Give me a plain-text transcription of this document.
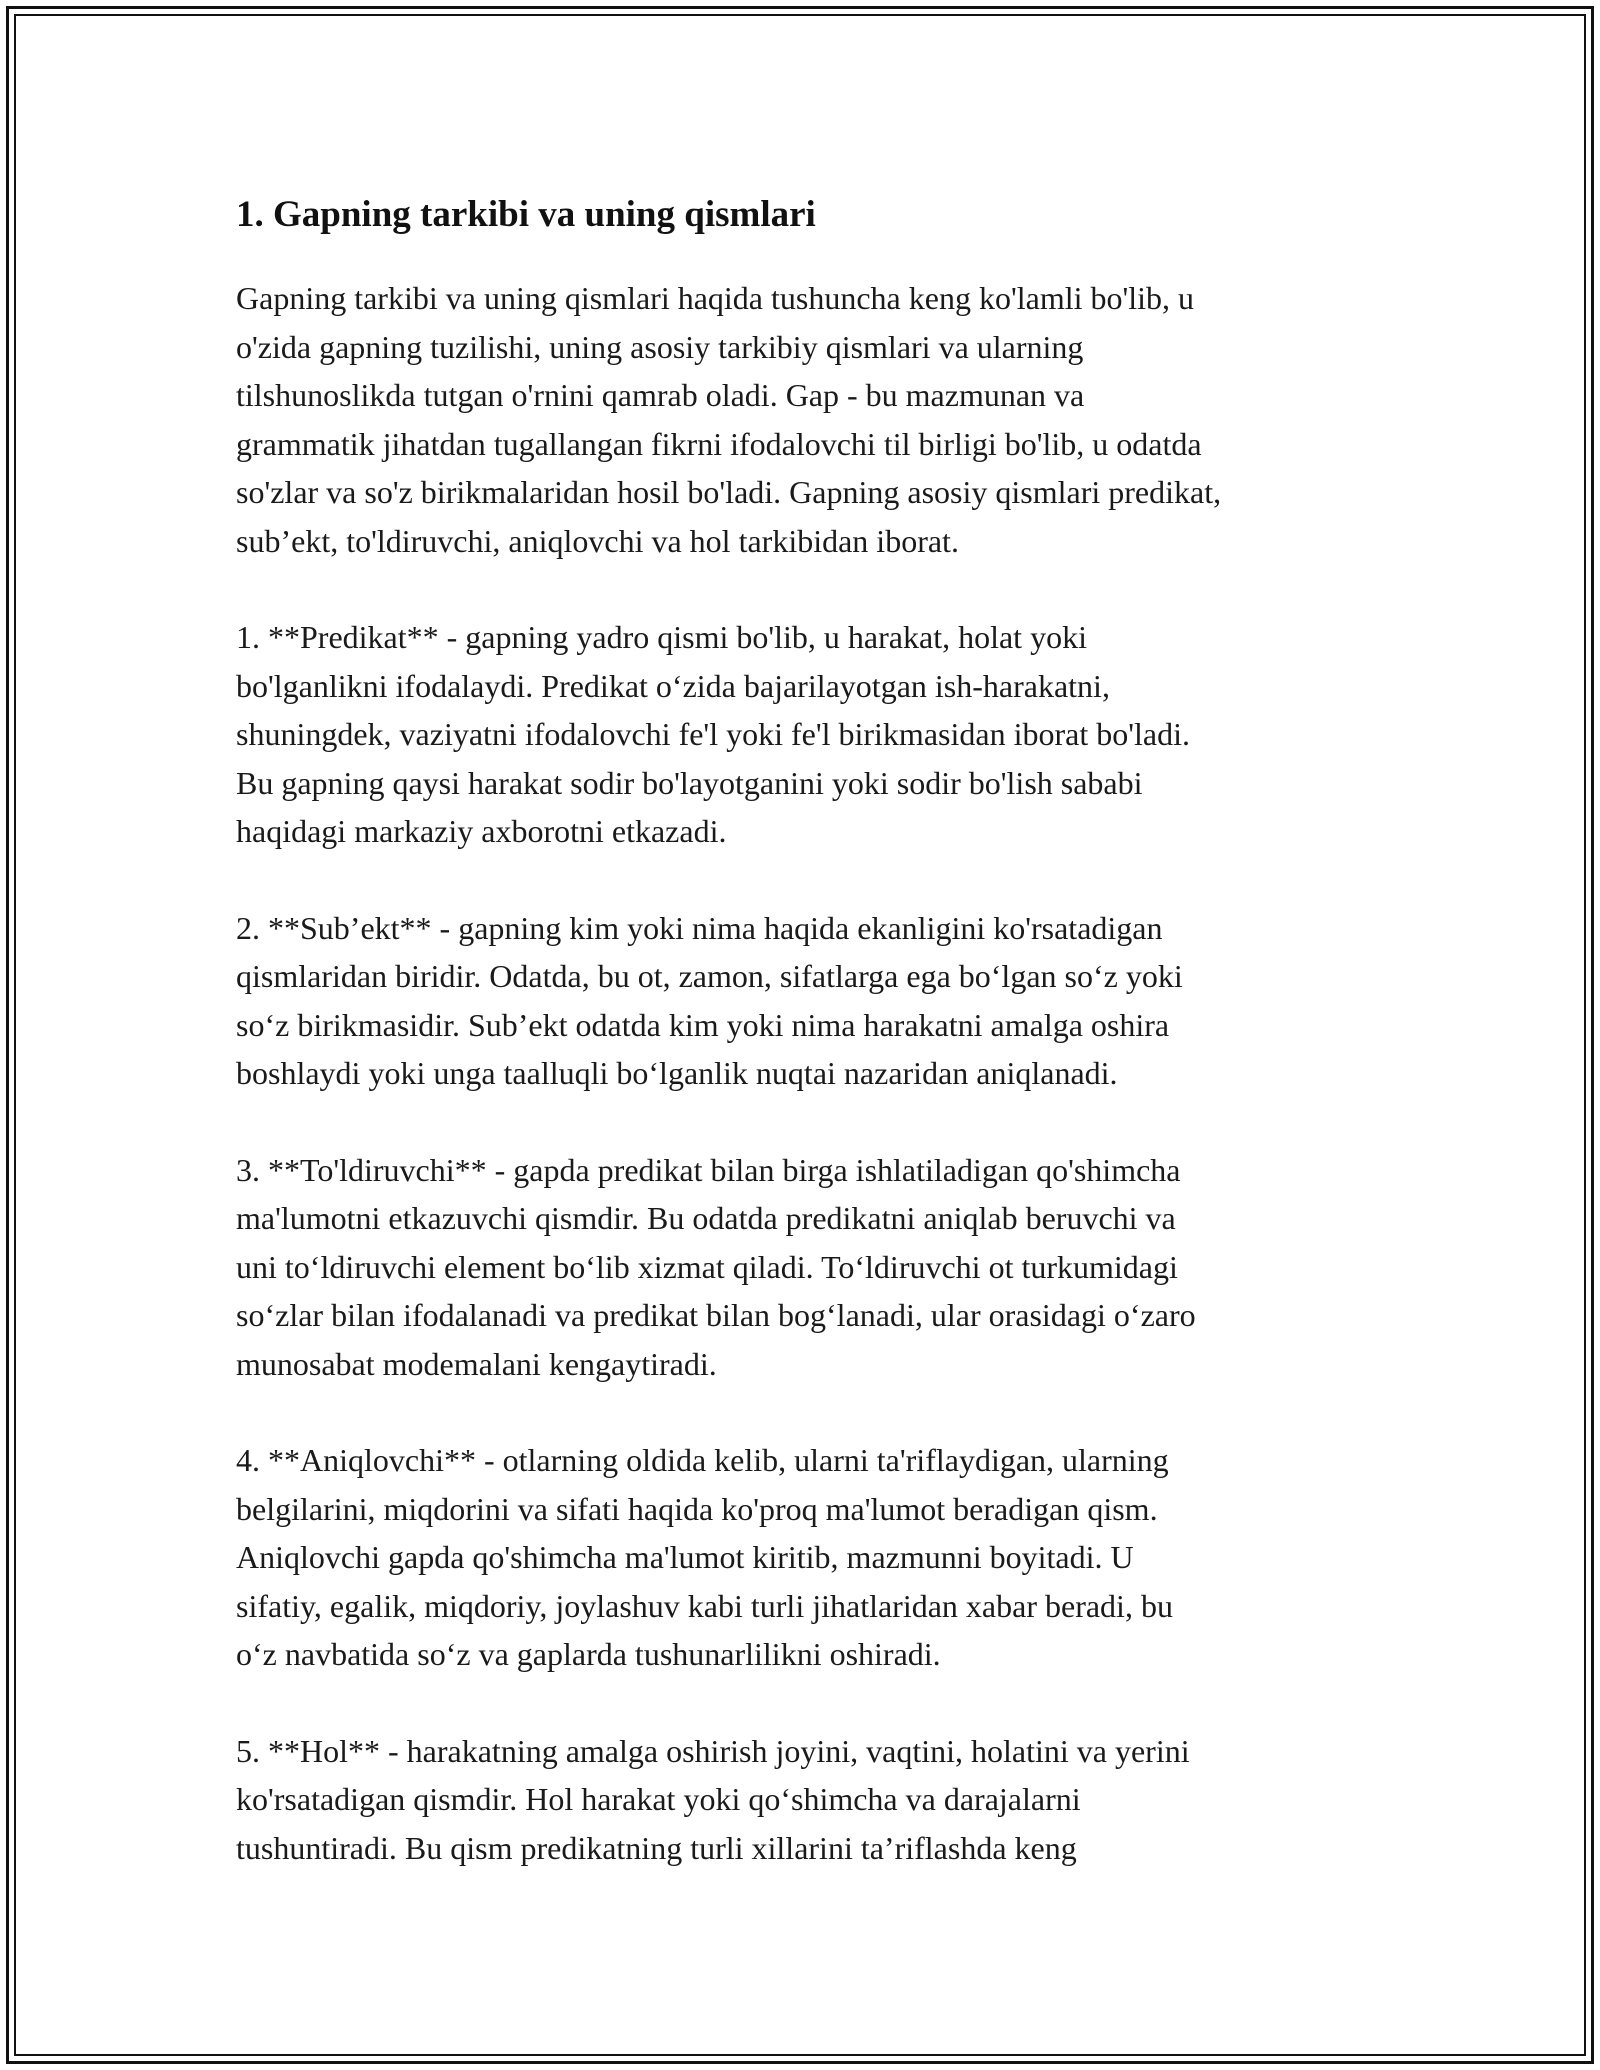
1. Gapning tarkibi va uning qismlari

Gapning tarkibi va uning qismlari haqida tushuncha keng ko'lamli bo'lib, u
o'zida gapning tuzilishi, uning asosiy tarkibiy qismlari va ularning
tilshunoslikda tutgan o'rnini qamrab oladi. Gap - bu mazmunan va
grammatik jihatdan tugallangan fikrni ifodalovchi til birligi bo'lib, u odatda
so'zlar va so'z birikmalaridan hosil bo'ladi. Gapning asosiy qismlari predikat,
sub’ekt, to'ldiruvchi, aniqlovchi va hol tarkibidan iborat.

1. **Predikat** - gapning yadro qismi bo'lib, u harakat, holat yoki
bo'lganlikni ifodalaydi. Predikat o‘zida bajarilayotgan ish-harakatni,
shuningdek, vaziyatni ifodalovchi fe'l yoki fe'l birikmasidan iborat bo'ladi.
Bu gapning qaysi harakat sodir bo'layotganini yoki sodir bo'lish sababi
haqidagi markaziy axborotni etkazadi.

2. **Sub’ekt** - gapning kim yoki nima haqida ekanligini ko'rsatadigan
qismlaridan biridir. Odatda, bu ot, zamon, sifatlarga ega bo‘lgan so‘z yoki
so‘z birikmasidir. Sub’ekt odatda kim yoki nima harakatni amalga oshira
boshlaydi yoki unga taalluqli bo‘lganlik nuqtai nazaridan aniqlanadi.

3. **To'ldiruvchi** - gapda predikat bilan birga ishlatiladigan qo'shimcha
ma'lumotni etkazuvchi qismdir. Bu odatda predikatni aniqlab beruvchi va
uni to‘ldiruvchi element bo‘lib xizmat qiladi. To‘ldiruvchi ot turkumidagi
so‘zlar bilan ifodalanadi va predikat bilan bog‘lanadi, ular orasidagi o‘zaro
munosabat modemalani kengaytiradi.

4. **Aniqlovchi** - otlarning oldida kelib, ularni ta'riflaydigan, ularning
belgilarini, miqdorini va sifati haqida ko'proq ma'lumot beradigan qism.
Aniqlovchi gapda qo'shimcha ma'lumot kiritib, mazmunni boyitadi. U
sifatiy, egalik, miqdoriy, joylashuv kabi turli jihatlaridan xabar beradi, bu
o‘z navbatida so‘z va gaplarda tushunarlilikni oshiradi.

5. **Hol** - harakatning amalga oshirish joyini, vaqtini, holatini va yerini
ko'rsatadigan qismdir. Hol harakat yoki qo‘shimcha va darajalarni
tushuntiradi. Bu qism predikatning turli xillarini ta’riflashda keng
